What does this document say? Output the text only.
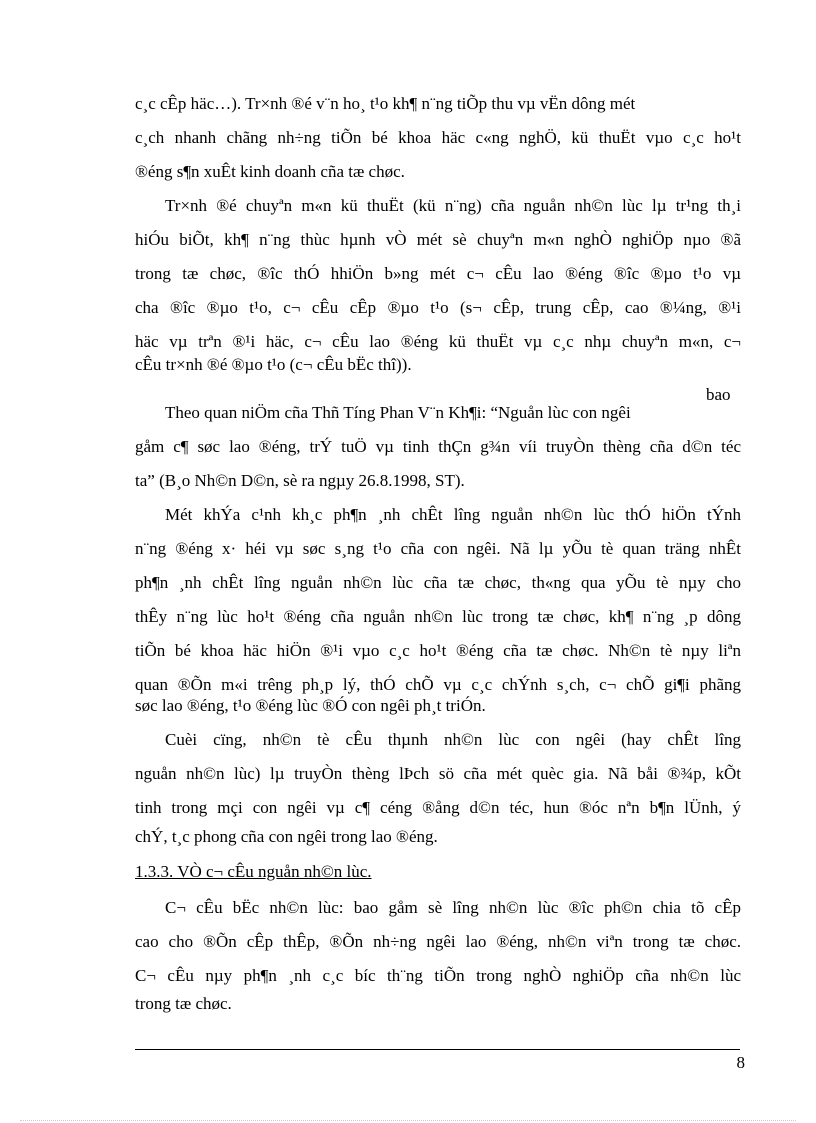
c¸c cÊp häc…). Tr×nh ®é v¨n ho¸ t¹o kh¶ n¨ng tiÕp thu vµ vËn dông mét
c¸ch nhanh chãng nh÷ng tiÕn bé khoa häc c«ng nghÖ, kü thuËt vµo c¸c ho¹t
®éng s¶n xuÊt kinh doanh cña tæ chøc.
Tr×nh ®é chuyªn m«n kü thuËt (kü n¨ng) cña nguån nh©n lùc lµ tr¹ng th¸i
hiÓu biÕt, kh¶ n¨ng thùc hµnh vÒ mét sè chuyªn m«n nghÒ nghiÖp nµo ®ã
trong tæ chøc, ®îc thÓ hhiÖn b»ng mét c¬ cÊu lao ®éng ®îc ®µo t¹o vµ
cha ®îc ®µo t¹o, c¬ cÊu cÊp ®µo t¹o (s¬ cÊp, trung cÊp, cao ®¼ng, ®¹i
häc vµ trªn ®¹i häc, c¬ cÊu lao ®éng kü thuËt vµ c¸c nhµ chuyªn m«n, c¬
cÊu tr×nh ®é ®µo t¹o (c¬ cÊu bËc thî)).
bao
Theo quan niÖm cña Thñ Tíng Phan V¨n Kh¶i: “Nguån lùc con ngêi
gåm c¶ søc lao ®éng, trÝ tuÖ vµ tinh thÇn g¾n víi truyÒn thèng cña d©n téc
ta” (B¸o Nh©n D©n, sè ra ngµy 26.8.1998, ST).
Mét khÝa c¹nh kh¸c ph¶n ¸nh chÊt lîng nguån nh©n lùc thÓ hiÖn tÝnh
n¨ng ®éng x· héi vµ søc s¸ng t¹o cña con ngêi. Nã lµ yÕu tè quan träng nhÊt
ph¶n ¸nh chÊt lîng nguån nh©n lùc cña tæ chøc, th«ng qua yÕu tè nµy cho
thÊy n¨ng lùc ho¹t ®éng cña nguån nh©n lùc trong tæ chøc, kh¶ n¨ng ¸p dông
tiÕn bé khoa häc hiÖn ®¹i vµo c¸c ho¹t ®éng cña tæ chøc. Nh©n tè nµy liªn
quan ®Õn m«i trêng ph¸p lý, thÓ chÕ vµ c¸c chÝnh s¸ch, c¬ chÕ gi¶i phãng
søc lao ®éng, t¹o ®éng lùc ®Ó con ngêi ph¸t triÓn.
Cuèi cïng, nh©n tè cÊu thµnh nh©n lùc con ngêi (hay chÊt lîng
nguån nh©n lùc) lµ truyÒn thèng lÞch sö cña mét quèc gia. Nã båi ®¾p, kÕt
tinh trong mçi con ngêi vµ c¶ céng ®ång d©n téc, hun ®óc nªn b¶n lÜnh, ý
chÝ, t¸c phong cña con ngêi trong lao ®éng.
1.3.3. VÒ c¬ cÊu nguån nh©n lùc.
C¬ cÊu bËc nh©n lùc: bao gåm sè lîng nh©n lùc ®îc ph©n chia tõ cÊp
cao cho ®Õn cÊp thÊp, ®Õn nh÷ng ngêi lao ®éng, nh©n viªn trong tæ chøc.
C¬ cÊu nµy ph¶n ¸nh c¸c bíc th¨ng tiÕn trong nghÒ nghiÖp cña nh©n lùc
trong tæ chøc.
8
